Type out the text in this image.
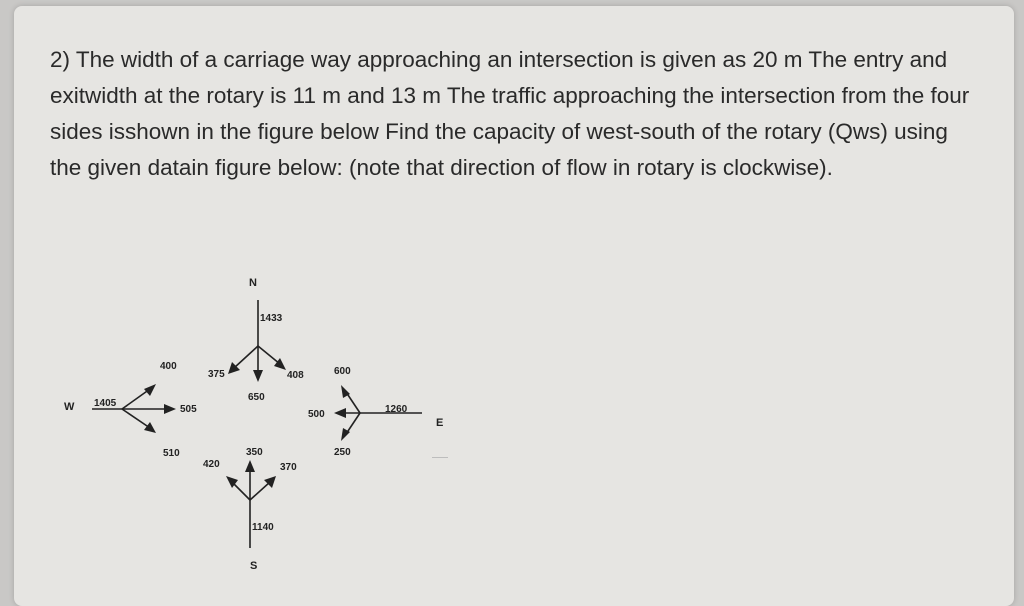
2) The width of a carriage way approaching an intersection is given as 20 m The entry and exitwidth at the rotary is 11 m and 13 m The traffic approaching the intersection from the four sides isshown in the figure below Find the capacity of west-south of the rotary (Qws) using the given datain figure below: (note that direction of flow in rotary is clockwise).

N
S
W
E
1433
375
650
408
1405
400
505
510
1140
350
420	370
1260
600
500
250
